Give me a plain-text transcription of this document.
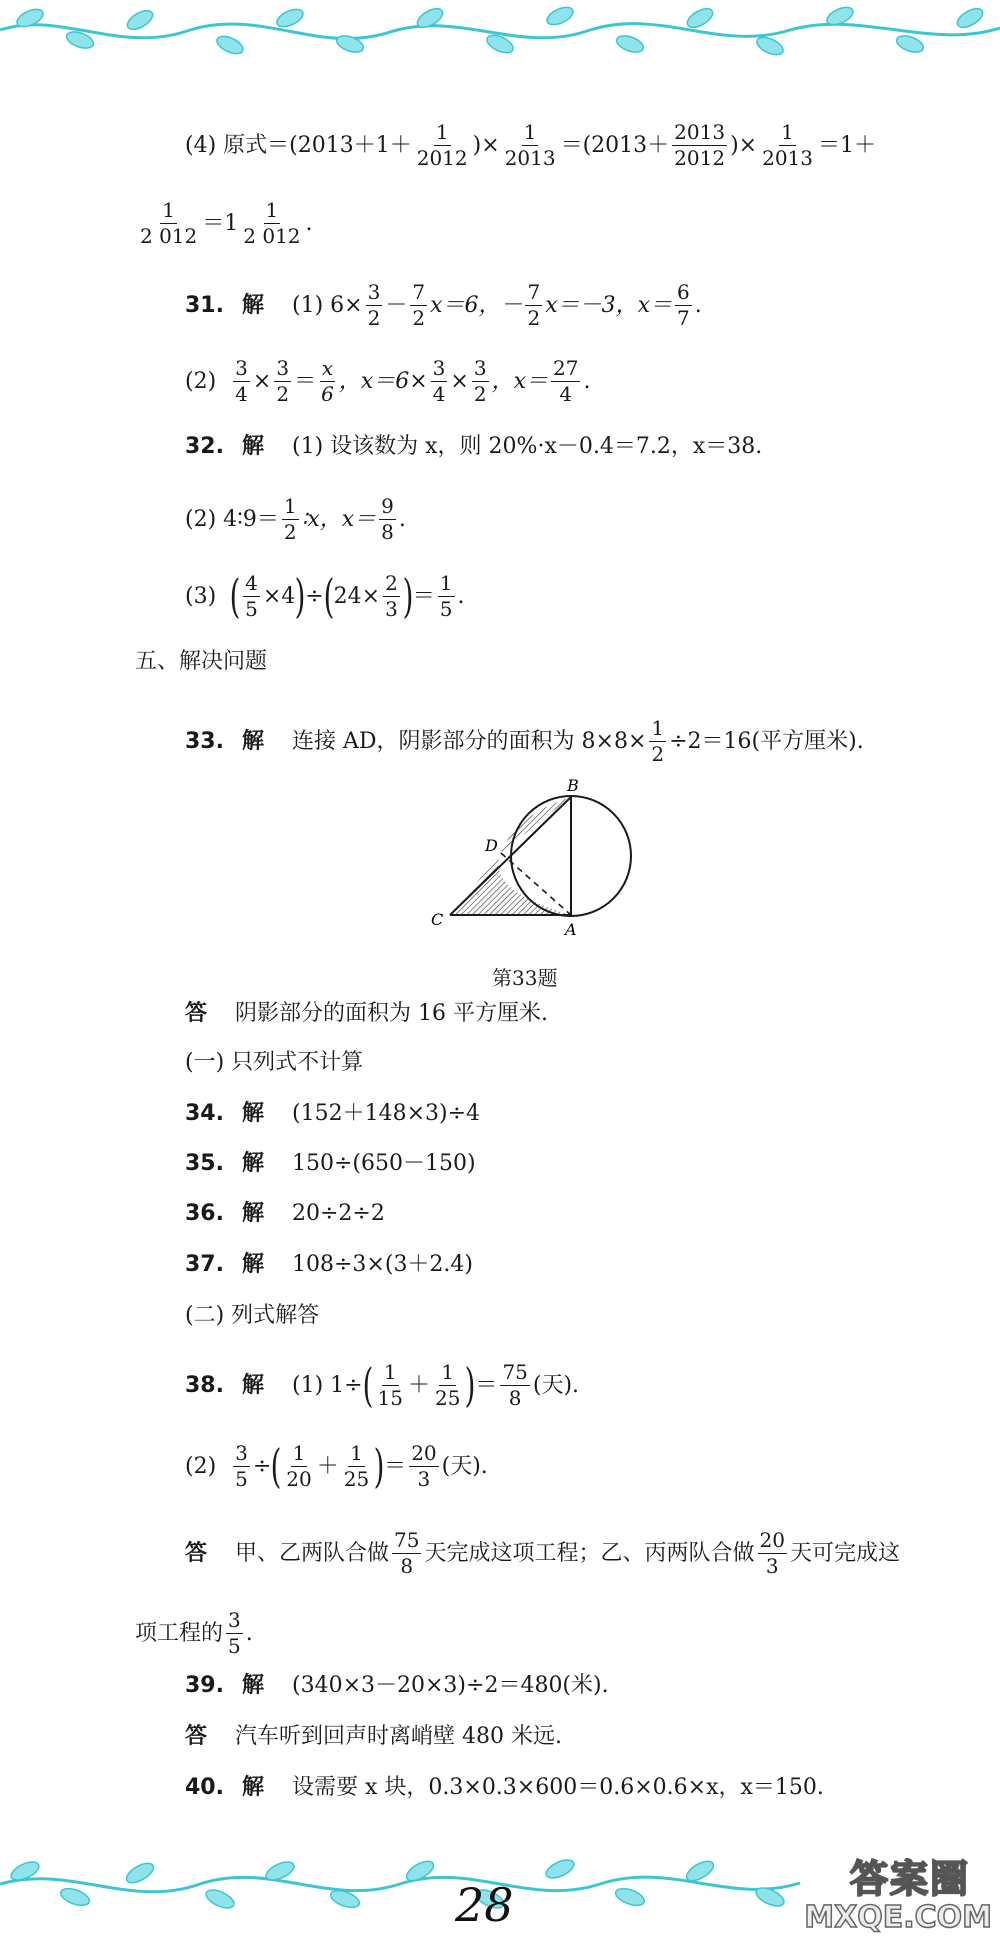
(4) 原式$=(2013+1+ \frac{1}{2012}$ )× $\frac{1}{2013} =(2013+ \frac{2013}{2012}$ )× $\frac{1}{2013} =1+$
$\frac{1}{2 012} =1 \frac{1}{2 012}$ .
31. 解 (1) $6\times \frac{3}{2} - \frac{7}{2} x=6$，－ $\frac{7}{2} x=-3$，$x= \frac{6}{7}$ .
$(2) \frac{3}{4} \times \frac{3}{2} = \frac{x}{6}$ ，$x=6\times \frac{3}{4} \times \frac{3}{2}$ ，$x= \frac{27}{4}$ .
32. 解 (1) 设该数为 x，则 20%·x－0.4＝7.2，x＝38.
(2) 4∶9＝ $\frac{1}{2}$ ∶x，$x= \frac{9}{8}$ .
(3) ( $\frac{4}{5} \times 4$ ) ÷ ( $24\times \frac{2}{3}$ ) ＝ $\frac{1}{5}$ .
五、解决问题
33. 解 连接 AD，阴影部分的面积为 $8\times 8\times \frac{1}{2} \div 2=16$(平方厘米).
B
D
C
A
第33题
答 阴影部分的面积为 16 平方厘米.
(一) 只列式不计算
34. 解 (152＋148×3)÷4
35. 解 150÷(650－150)
36. 解 20÷2÷2
37. 解 108÷3×(3＋2.4)
(二) 列式解答
38. 解 (1) 1÷ ( $\frac{1}{15} + \frac{1}{25}$ ) ＝ $\frac{75}{8}$ (天).
$(2) \frac{3}{5}$ ÷ ( $\frac{1}{20} + \frac{1}{25}$ ) ＝ $\frac{20}{3}$ (天).
答 甲、乙两队合做 $\frac{75}{8}$ 天完成这项工程；乙、丙两队合做 $\frac{20}{3}$ 天可完成这
项工程的 $\frac{3}{5}$ .
39. 解 (340×3－20×3)÷2＝480(米).
答 汽车听到回声时离峭壁 480 米远.
40. 解 设需要 x 块，0.3×0.3×600＝0.6×0.6×x，x＝150.
28	答案圈
MXQE.COM
